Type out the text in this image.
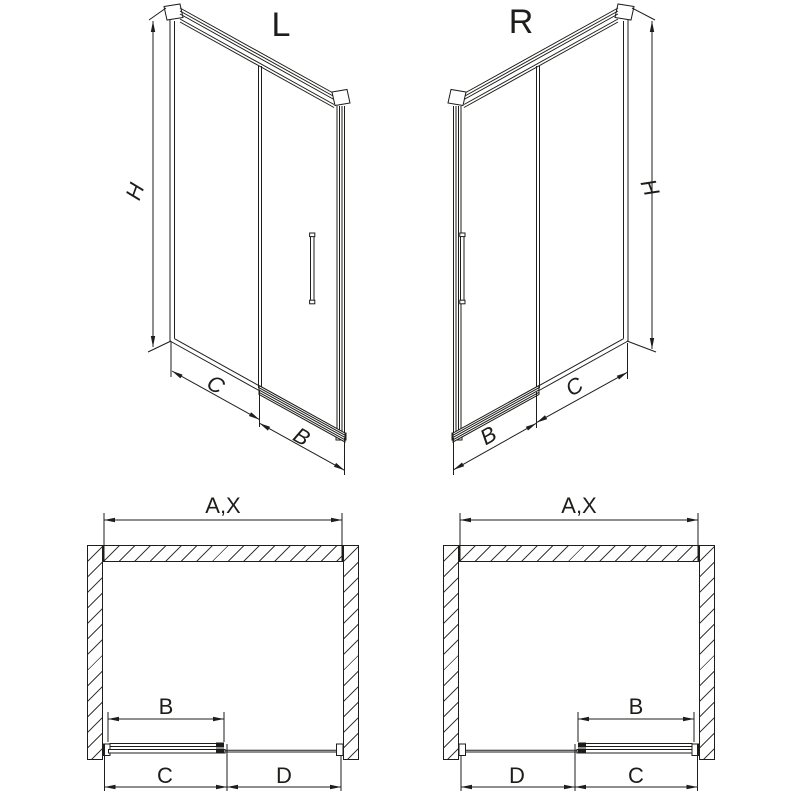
L
H
C
B
R
H
B
C
A,X
B
C	D
A,X
B
D	C
